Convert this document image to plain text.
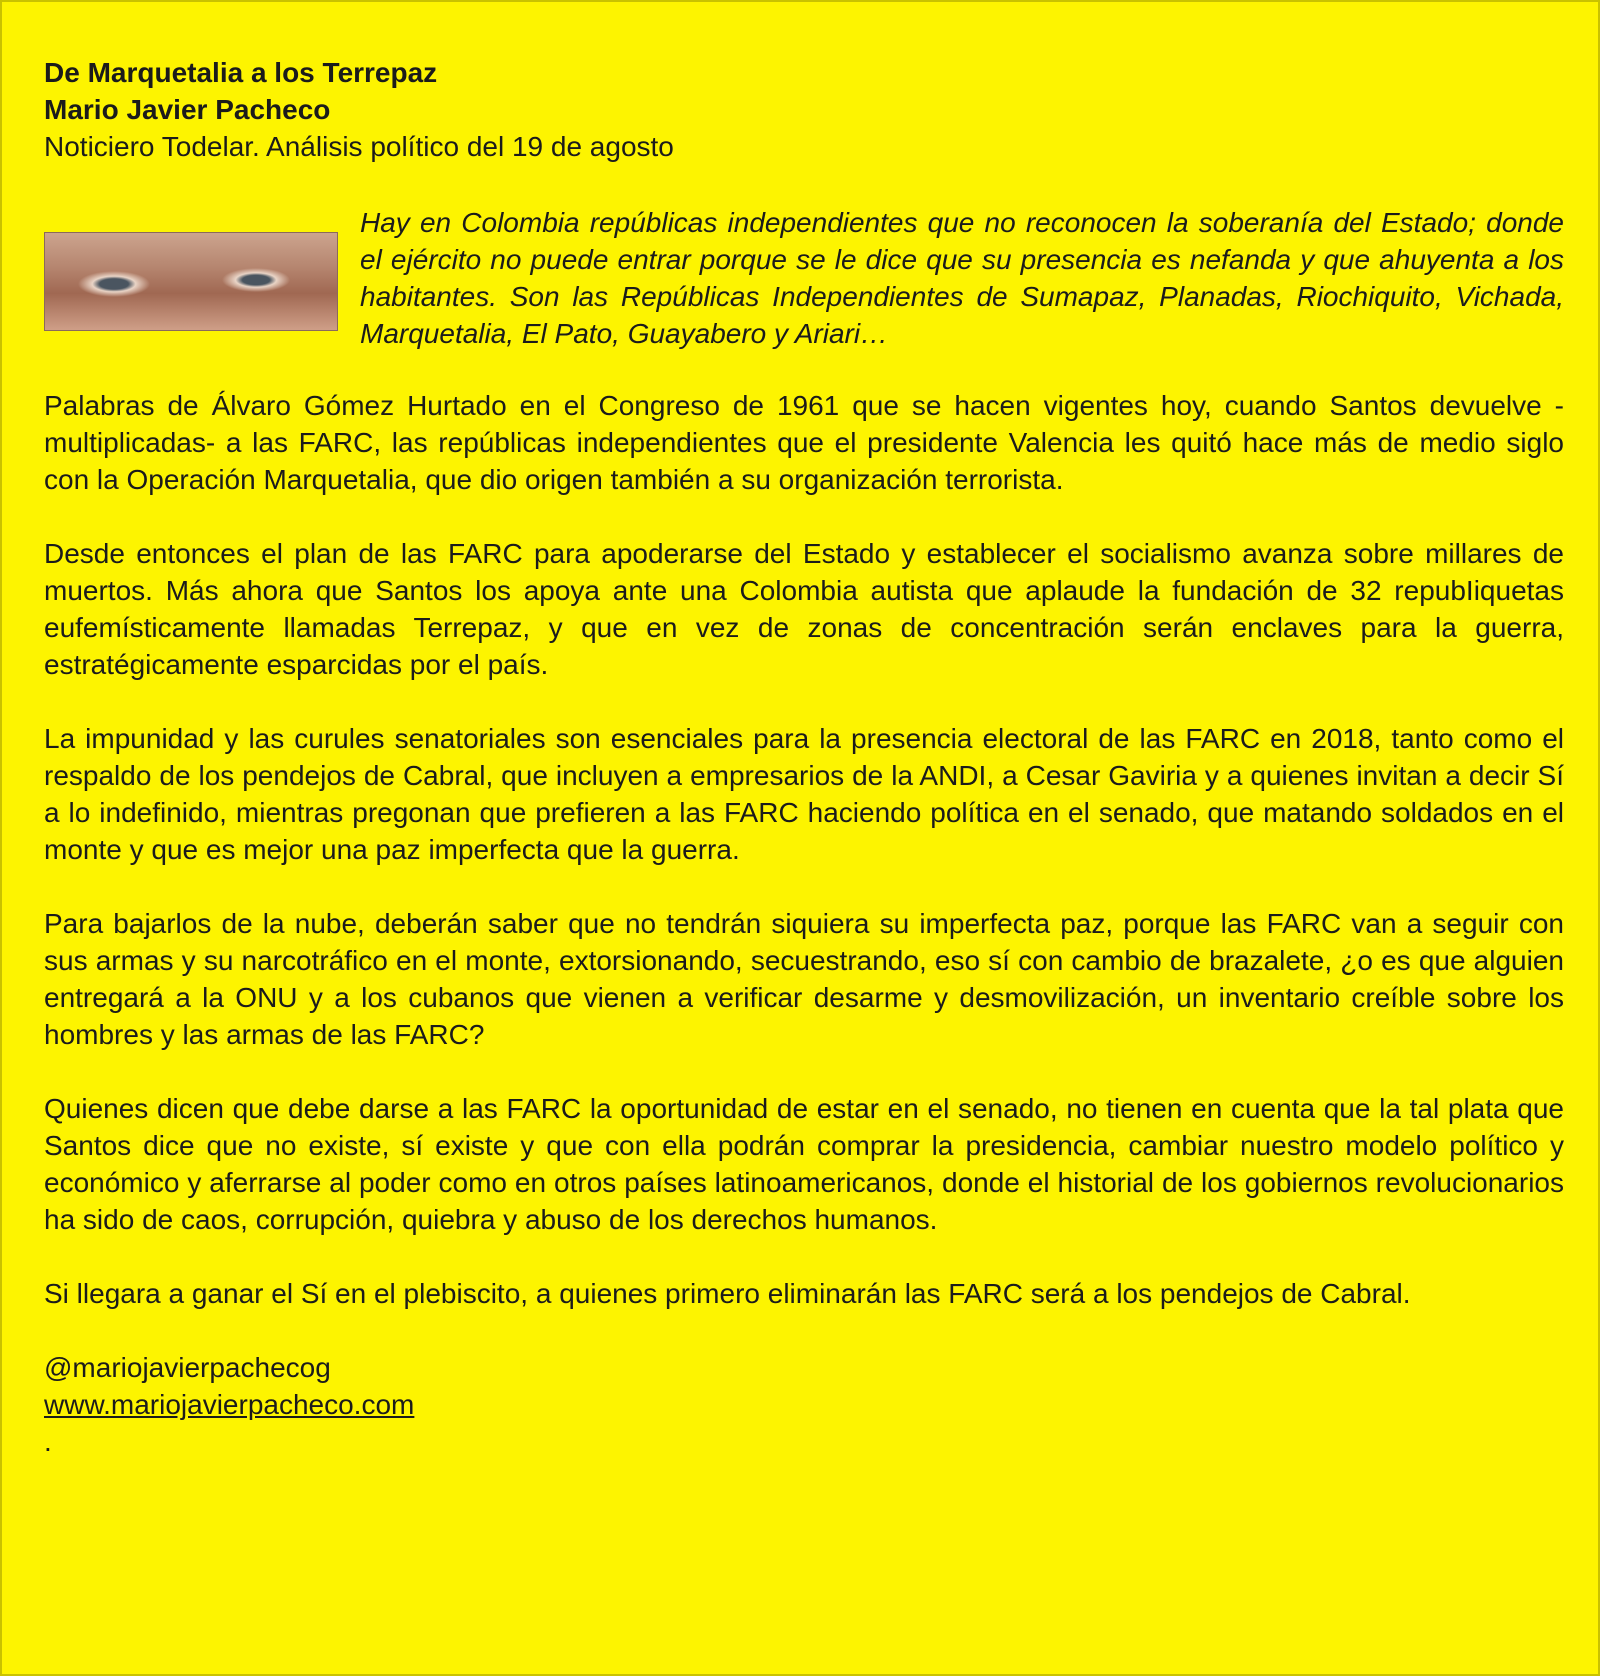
De Marquetalia a los Terrepaz

Mario Javier Pacheco

Noticiero Todelar. Análisis político del 19 de agosto

Hay en Colombia repúblicas independientes que no reconocen la soberanía del Estado; donde el ejército no puede entrar porque se le dice que su presencia es nefanda y que ahuyenta a los habitantes. Son las Repúblicas Independientes de Sumapaz, Planadas, Riochiquito, Vichada, Marquetalia, El Pato, Guayabero y Ariari…

Palabras de Álvaro Gómez Hurtado en el Congreso de 1961 que se hacen vigentes hoy, cuando Santos devuelve -multiplicadas- a las FARC, las repúblicas independientes que el presidente Valencia les quitó hace más de medio siglo con la Operación Marquetalia, que dio origen también a su organización terrorista.

Desde entonces el plan de las FARC para apoderarse del Estado y establecer el socialismo avanza sobre millares de muertos. Más ahora que Santos los apoya ante una Colombia autista que aplaude la fundación de 32 repubIiquetas eufemísticamente llamadas Terrepaz, y que en vez de zonas de concentración serán enclaves para la guerra, estratégicamente esparcidas por el país.

La impunidad y las curules senatoriales son esenciales para la presencia electoral de las FARC en 2018, tanto como el respaldo de los pendejos de Cabral, que incluyen a empresarios de la ANDI, a Cesar Gaviria y a quienes invitan a decir Sí a lo indefinido, mientras pregonan que prefieren a las FARC haciendo política en el senado, que matando soldados en el monte y que es mejor una paz imperfecta que la guerra.

Para bajarlos de la nube, deberán saber que no tendrán siquiera su imperfecta paz, porque las FARC van a seguir con sus armas y su narcotráfico en el monte, extorsionando, secuestrando, eso sí con cambio de brazalete, ¿o es que alguien entregará a la ONU y a los cubanos que vienen a verificar desarme y desmovilización, un inventario creíble sobre los hombres y las armas de las FARC?

Quienes dicen que debe darse a las FARC la oportunidad de estar en el senado, no tienen en cuenta que la tal plata que Santos dice que no existe, sí existe y que con ella podrán comprar la presidencia, cambiar nuestro modelo político y económico y aferrarse al poder como en otros países latinoamericanos, donde el historial de los gobiernos revolucionarios ha sido de caos, corrupción, quiebra y abuso de los derechos humanos.

Si llegara a ganar el Sí en el plebiscito, a quienes primero eliminarán las FARC será a los pendejos de Cabral.

@mariojavierpachecog

www.mariojavierpacheco.com

.
